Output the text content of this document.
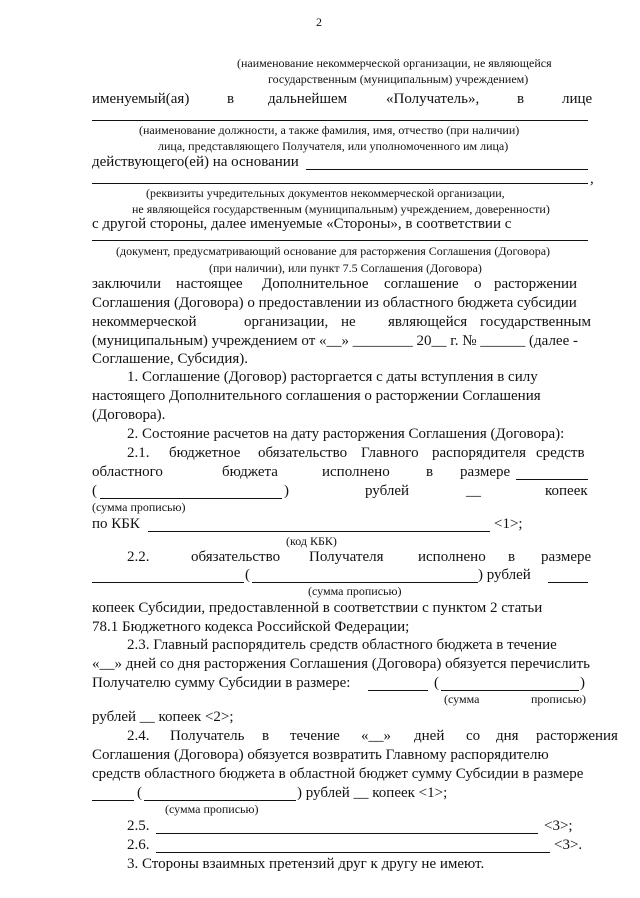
2
(наименование некоммерческой организации, не являющейся
государственным (муниципальным) учреждением)
именуемый(ая)	в дальнейшем	«Получатель»,	в	лице
(наименование должности, а также фамилия, имя, отчество (при наличии)
лица, представляющего Получателя, или уполномоченного им лица)
действующего(ей) на основании
,
(реквизиты учредительных документов некоммерческой организации,
не являющейся государственным (муниципальным) учреждением, доверенности)
с другой стороны, далее именуемые «Стороны», в соответствии с
(документ, предусматривающий основание для расторжения Соглашения (Договора)
(при наличии), или пункт 7.5 Соглашения (Договора)
заключили настоящее Дополнительное соглашение о расторжении
Соглашения (Договора) о предоставлении из областного бюджета субсидии
некоммерческой	организации, не являющейся государственным
(муниципальным) учреждением от «__» ________ 20__ г. № ______ (далее -
Соглашение, Субсидия).
1. Соглашение (Договор) расторгается с даты вступления в силу
настоящего Дополнительного соглашения о расторжении Соглашения
(Договора).
2. Состояние расчетов на дату расторжения Соглашения (Договора):
2.1. бюджетное обязательство Главного распорядителя средств
областного	бюджета	исполнено в размере
(	)	рублей	__	копеек
(сумма прописью)
по КБК	<1>;
(код КБК)
2.2.	обязательство Получателя исполнено в размере
(	) рублей
(сумма прописью)
копеек Субсидии, предоставленной в соответствии с пунктом 2 статьи
78.1 Бюджетного кодекса Российской Федерации;
2.3. Главный распорядитель средств областного бюджета в течение
«__» дней со дня расторжения Соглашения (Договора) обязуется перечислить
Получателю сумму Субсидии в размере:	(	)
(сумма	прописью)
рублей __ копеек <2>;
2.4. Получатель в течение «__» дней со дня расторжения
Соглашения (Договора) обязуется возвратить Главному распорядителю
средств областного бюджета в областной бюджет сумму Субсидии в размере
(	) рублей __ копеек <1>;
(сумма прописью)
2.5.	<3>;
2.6.	<3>.
3. Стороны взаимных претензий друг к другу не имеют.
